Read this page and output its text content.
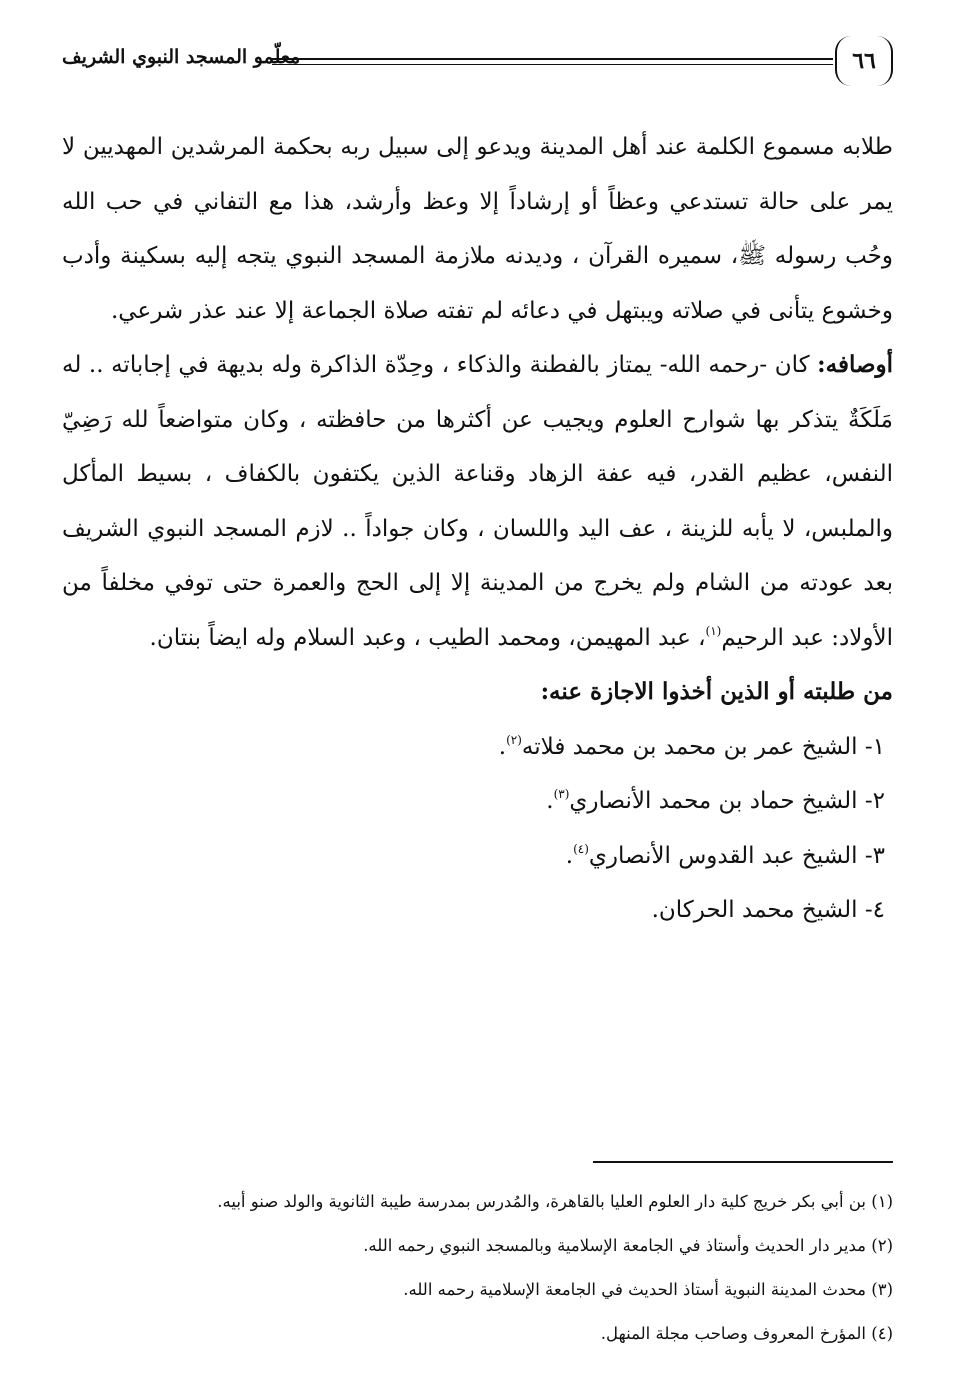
٦٦
معلّمو المسجد النبوي الشريف

طلابه مسموع الكلمة عند أهل المدينة ويدعو إلى سبيل ربه بحكمة المرشدين المهديين لا يمر على حالة تستدعي وعظاً أو إرشاداً إلا وعظ وأرشد، هذا مع التفاني في حب الله وحُب رسوله ﷺ، سميره القرآن ، وديدنه ملازمة المسجد النبوي يتجه إليه بسكينة وأدب وخشوع يتأنى في صلاته ويبتهل في دعائه لم تفته صلاة الجماعة إلا عند عذر شرعي.

أوصافه: كان -رحمه الله- يمتاز بالفطنة والذكاء ، وحِدّة الذاكرة وله بديهة في إجاباته .. له مَلَكَةٌ يتذكر بها شوارح العلوم ويجيب عن أكثرها من حافظته ، وكان متواضعاً لله رَضِيّ النفس، عظيم القدر، فيه عفة الزهاد وقناعة الذين يكتفون بالكفاف ، بسيط المأكل والملبس، لا يأبه للزينة ، عف اليد واللسان ، وكان جواداً .. لازم المسجد النبوي الشريف بعد عودته من الشام ولم يخرج من المدينة إلا إلى الحج والعمرة حتى توفي مخلفاً من الأولاد: عبد الرحيم$^{(١)}$، عبد المهيمن، ومحمد الطيب ، وعبد السلام وله ايضاً بنتان.

من طلبته أو الذين أخذوا الاجازة عنه:

١- الشيخ عمر بن محمد بن محمد فلاته$^{(٢)}$.
٢- الشيخ حماد بن محمد الأنصاري$^{(٣)}$.
٣- الشيخ عبد القدوس الأنصاري$^{(٤)}$.
٤- الشيخ محمد الحركان.

(١) بن أبي بكر خريج كلية دار العلوم العليا بالقاهرة، والمُدرس بمدرسة طيبة الثانوية والولد صنو أبيه.

(٢) مدير دار الحديث وأستاذ في الجامعة الإسلامية وبالمسجد النبوي رحمه الله.

(٣) محدث المدينة النبوية أستاذ الحديث في الجامعة الإسلامية رحمه الله.

(٤) المؤرخ المعروف وصاحب مجلة المنهل.
